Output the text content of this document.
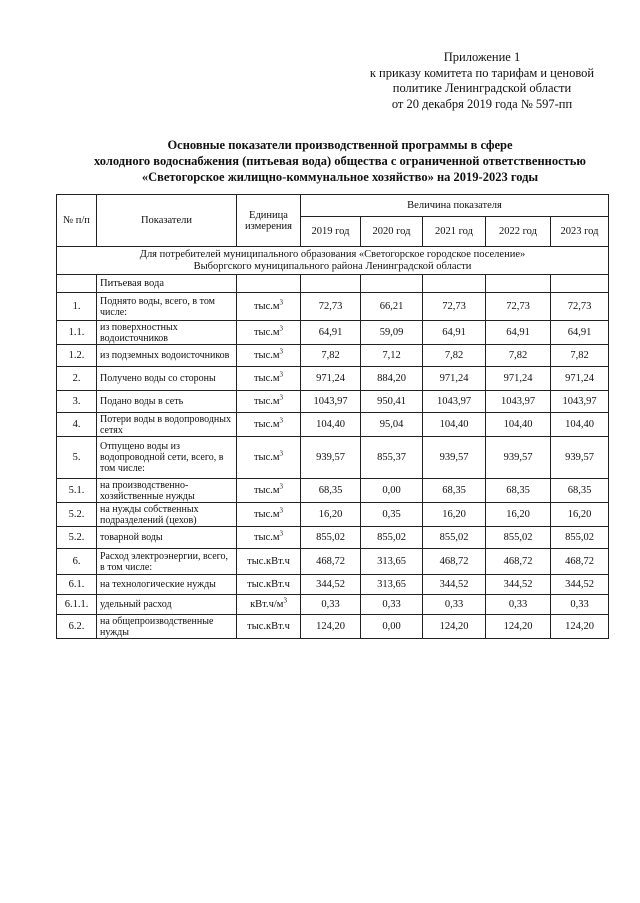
Приложение 1
к приказу комитета по тарифам и ценовой
политике Ленинградской области
от 20 декабря 2019 года № 597-пп
Основные показатели производственной программы в сфере
холодного водоснабжения (питьевая вода) общества с ограниченной ответственностью
«Светогорское жилищно-коммунальное хозяйство» на 2019-2023 годы
№ п/п	Показатели	Единица измерения	Величина показателя				
			2019 год	2020 год	2021 год	2022 год	2023 год

Для потребителей муниципального образования «Светогорское городское поселение»
Выборгского муниципального района Ленинградской области							

	Питьевая вода						
1.	Поднято воды, всего, в том числе:	$тыс.м^3$	72,73	66,21	72,73	72,73	72,73
1.1.	из поверхностных водоисточников	$тыс.м^3$	64,91	59,09	64,91	64,91	64,91
1.2.	из подземных водоисточников	$тыс.м^3$	7,82	7,12	7,82	7,82	7,82
2.	Получено воды со стороны	$тыс.м^3$	971,24	884,20	971,24	971,24	971,24
3.	Подано воды в сеть	$тыс.м^3$	1043,97	950,41	1043,97	1043,97	1043,97
4.	Потери воды в водопроводных сетях	$тыс.м^3$	104,40	95,04	104,40	104,40	104,40
5.	Отпущено воды из водопроводной сети, всего, в том числе:	$тыс.м^3$	939,57	855,37	939,57	939,57	939,57
5.1.	на производственно-хозяйственные нужды	$тыс.м^3$	68,35	0,00	68,35	68,35	68,35
5.2.	на нужды собственных подразделений (цехов)	$тыс.м^3$	16,20	0,35	16,20	16,20	16,20
5.2.	товарной воды	$тыс.м^3$	855,02	855,02	855,02	855,02	855,02
6.	Расход электроэнергии, всего, в том числе:	тыс.кВт.ч	468,72	313,65	468,72	468,72	468,72
6.1.	на технологические нужды	тыс.кВт.ч	344,52	313,65	344,52	344,52	344,52
6.1.1.	удельный расход	$кВт.ч/м^3$	0,33	0,33	0,33	0,33	0,33
6.2.	на общепроизводственные нужды	тыс.кВт.ч	124,20	0,00	124,20	124,20	124,20
